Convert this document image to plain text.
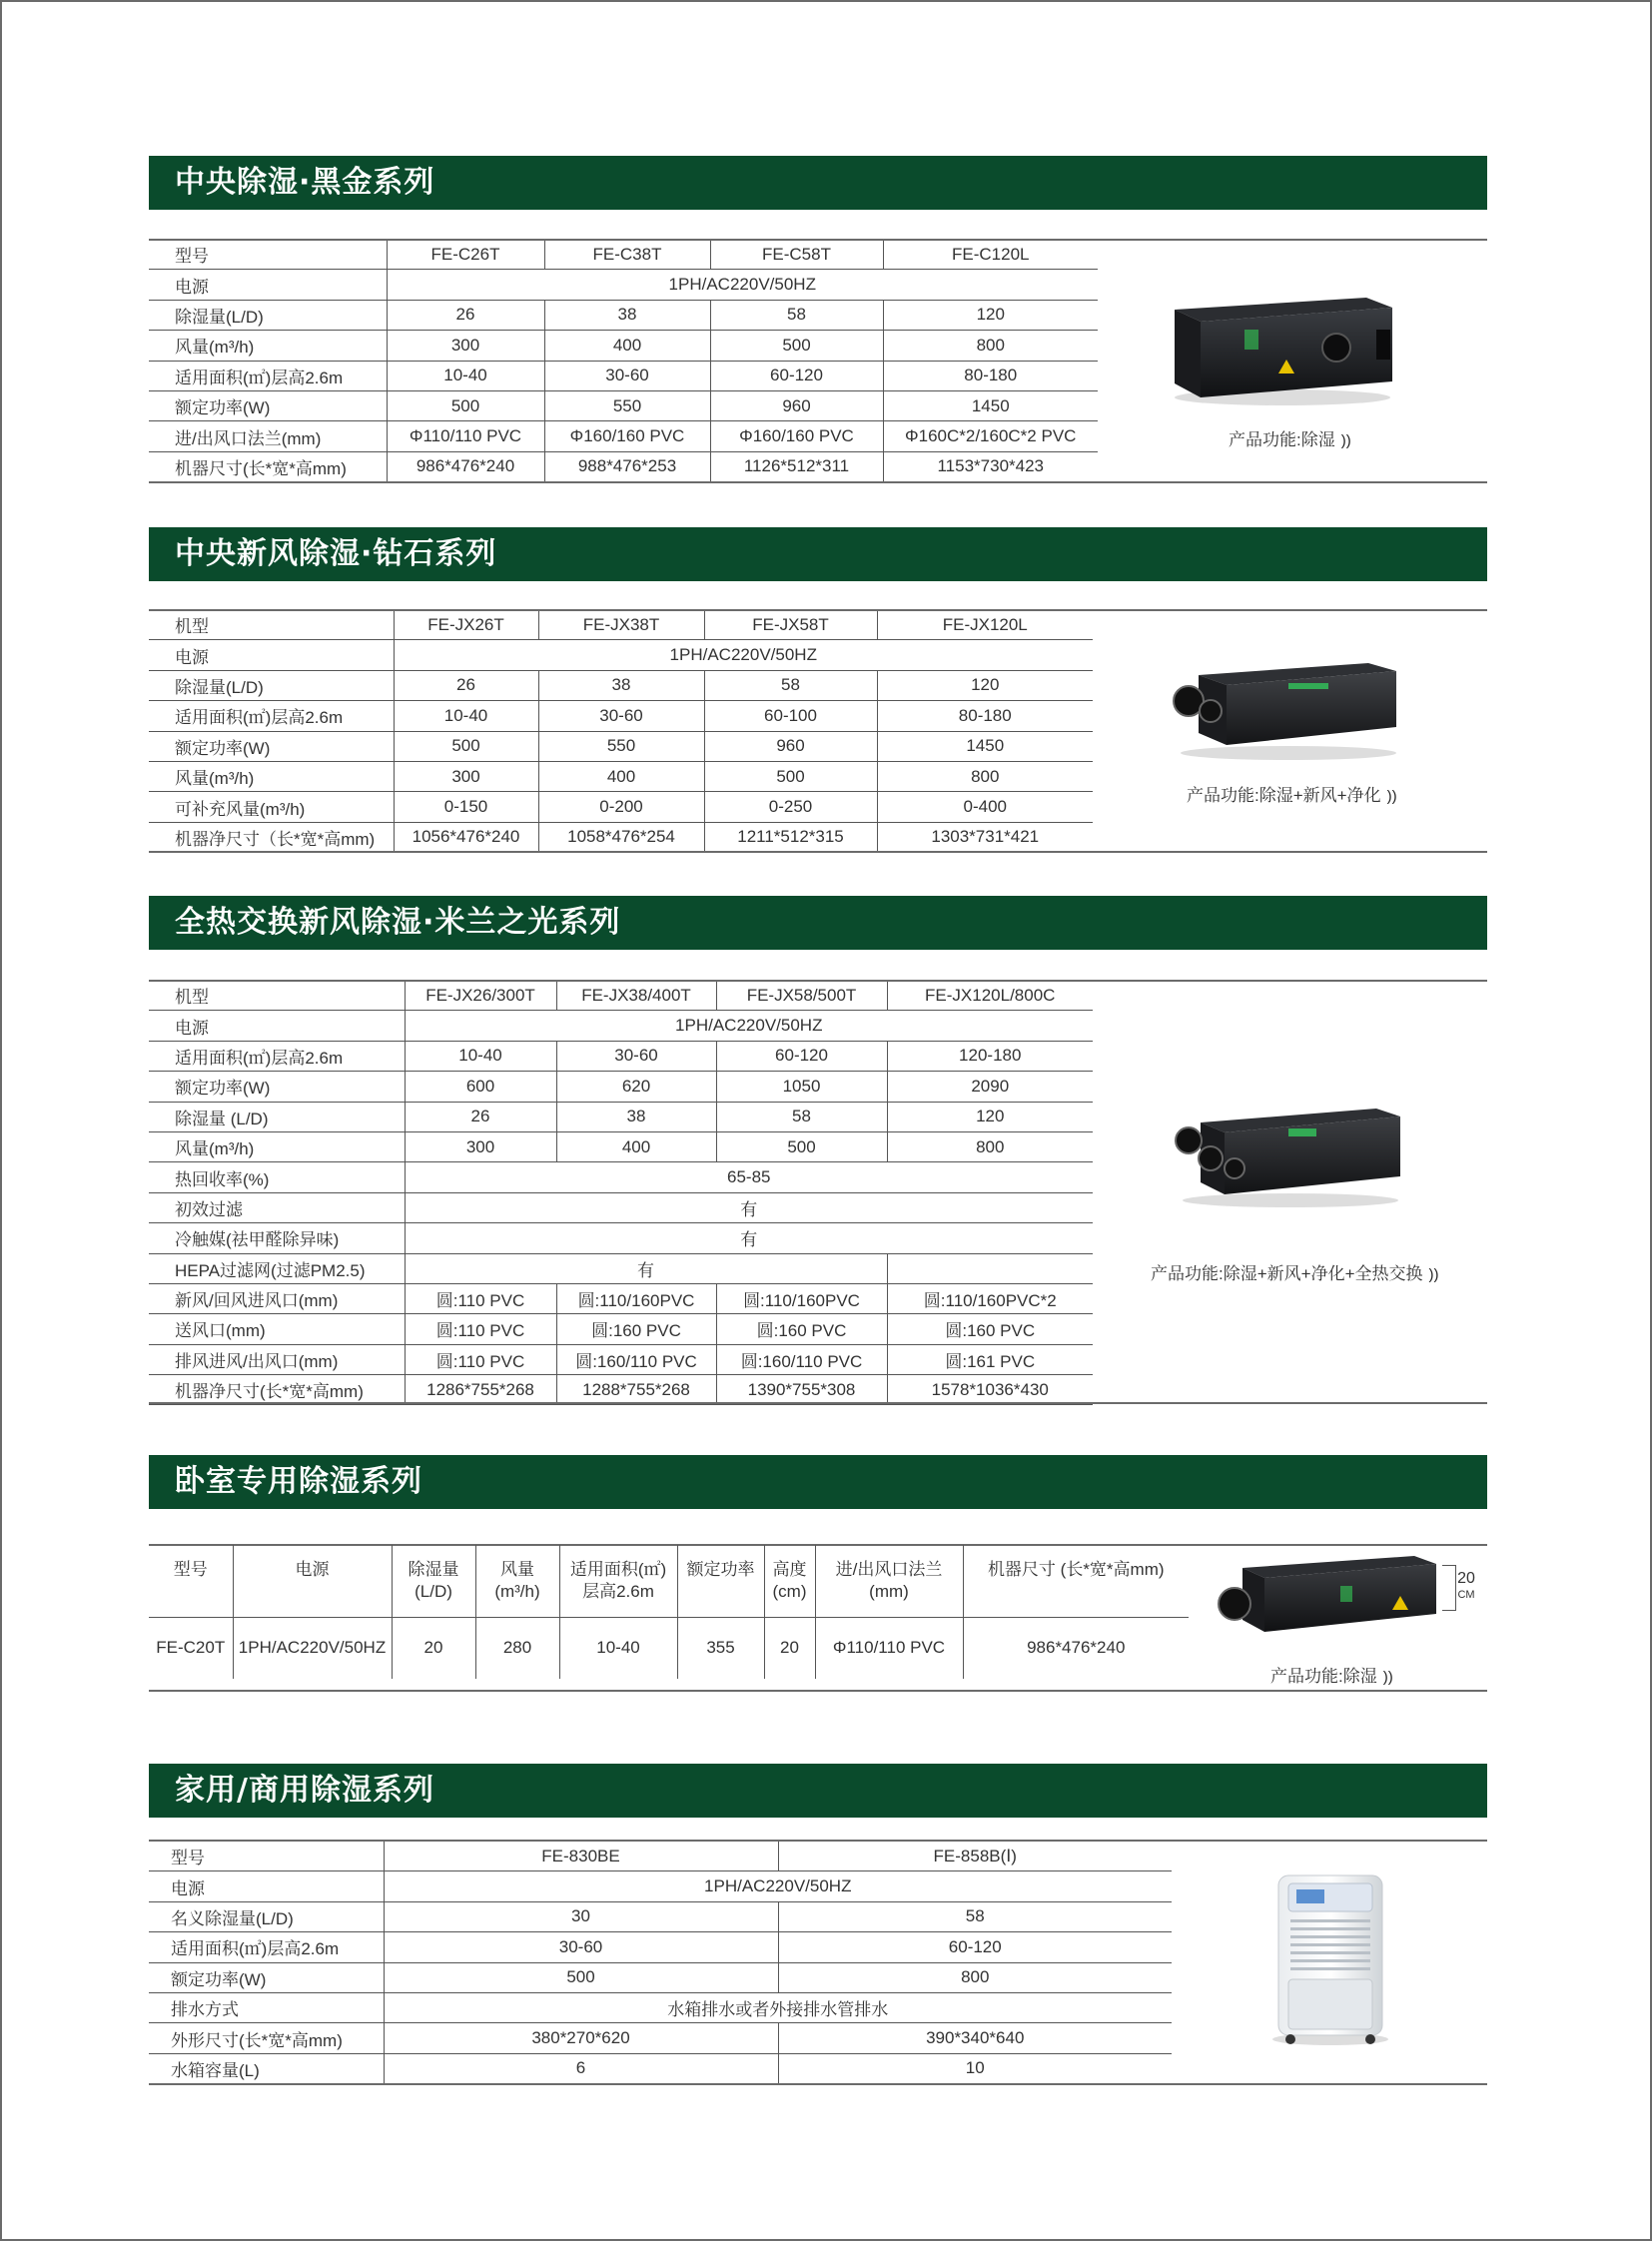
中央除湿·黑金系列
型号	FE-C26T	FE-C38T	FE-C58T	FE-C120L
电源	1PH/AC220V/50HZ			
除湿量(L/D)	26	38	58	120
风量(m³/h)	300	400	500	800
适用面积(㎡)层高2.6m	10-40	30-60	60-120	80-180
额定功率(W)	500	550	960	1450
进/出风口法兰(mm)	Φ110/110 PVC	Φ160/160 PVC	Φ160/160 PVC	Φ160C*2/160C*2 PVC
机器尺寸(长*宽*高mm)	986*476*240	988*476*253	1126*512*311	1153*730*423
产品功能:除湿 ))
中央新风除湿·钻石系列
机型	FE-JX26T	FE-JX38T	FE-JX58T	FE-JX120L
电源	1PH/AC220V/50HZ			
除湿量(L/D)	26	38	58	120
适用面积(㎡)层高2.6m	10-40	30-60	60-100	80-180
额定功率(W)	500	550	960	1450
风量(m³/h)	300	400	500	800
可补充风量(m³/h)	0-150	0-200	0-250	0-400
机器净尺寸（长*宽*高mm)	1056*476*240	1058*476*254	1211*512*315	1303*731*421
产品功能:除湿+新风+净化 ))
全热交换新风除湿·米兰之光系列
机型	FE-JX26/300T	FE-JX38/400T	FE-JX58/500T	FE-JX120L/800C
电源	1PH/AC220V/50HZ			
适用面积(㎡)层高2.6m	10-40	30-60	60-120	120-180
额定功率(W)	600	620	1050	2090
除湿量 (L/D)	26	38	58	120
风量(m³/h)	300	400	500	800
热回收率(%)	65-85			
初效过滤	有			
冷触媒(祛甲醛除异味)	有			
HEPA过滤网(过滤PM2.5)	有			
新风/回风进风口(mm)	圆:110 PVC	圆:110/160PVC	圆:110/160PVC	圆:110/160PVC*2
送风口(mm)	圆:110 PVC	圆:160 PVC	圆:160 PVC	圆:160 PVC
排风进风/出风口(mm)	圆:110 PVC	圆:160/110 PVC	圆:160/110 PVC	圆:161 PVC
机器净尺寸(长*宽*高mm)	1286*755*268	1288*755*268	1390*755*308	1578*1036*430
产品功能:除湿+新风+净化+全热交换 ))
卧室专用除湿系列
型号	电源	除湿量 (L/D)	风量 (m³/h)	适用面积(㎡) 层高2.6m	额定功率	高度 (cm)	进/出风口法兰 (mm)	机器尺寸 (长*宽*高mm)
FE-C20T	1PH/AC220V/50HZ	20	280	10-40	355	20	Φ110/110 PVC	986*476*240
20
CM
产品功能:除湿 ))
家用/商用除湿系列
型号	FE-830BE	FE-858B(Ⅰ)
电源	1PH/AC220V/50HZ	
名义除湿量(L/D)	30	58
适用面积(㎡)层高2.6m	30-60	60-120
额定功率(W)	500	800
排水方式	水箱排水或者外接排水管排水	
外形尺寸(长*宽*高mm)	380*270*620	390*340*640
水箱容量(L)	6	10
